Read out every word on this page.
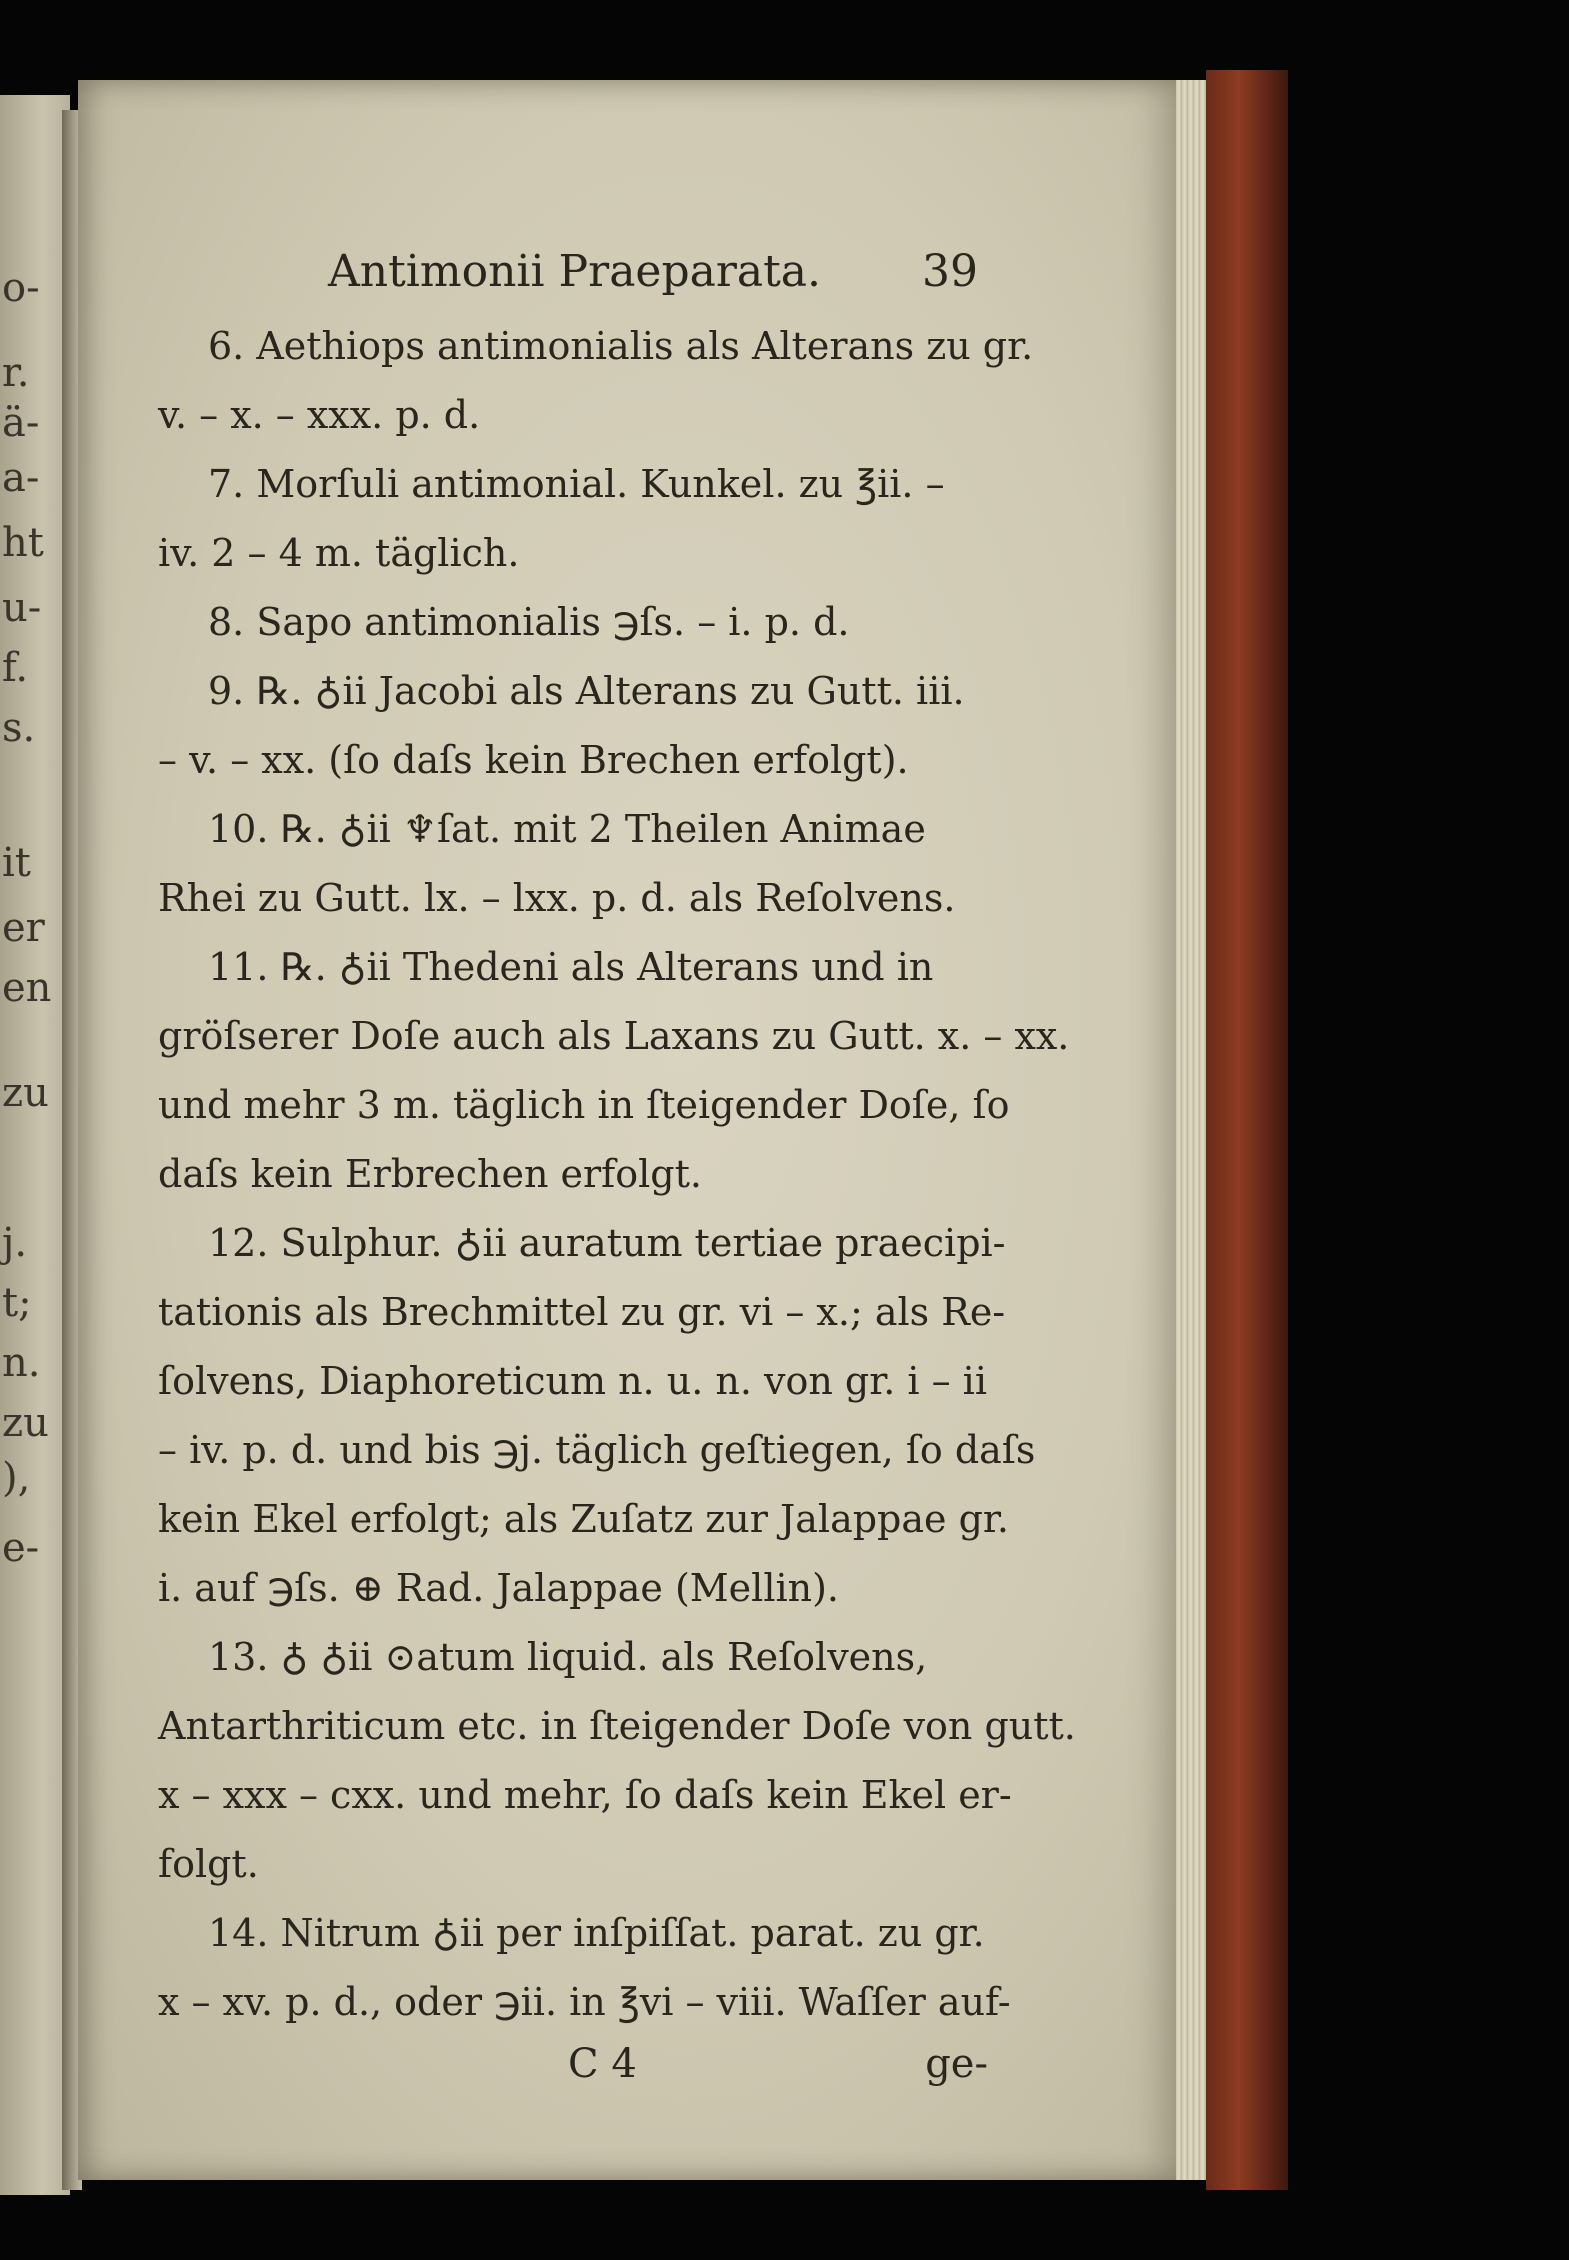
o-
r.
ä-
a-
ht
u-
f.
s.
it
er
en
zu
j.
t;
n.
zu
),
e-
Antimonii Praeparata. 39
6. Aethiops antimonialis als Alterans zu gr.
v. – x. – xxx. p. d.
7. Morſuli antimonial. Kunkel. zu ℥ii. –
iv. 2 – 4 m. täglich.
8. Sapo antimonialis ℈ſs. – i. p. d.
9. ℞. ♁ii Jacobi als Alterans zu Gutt. iii.
– v. – xx. (ſo daſs kein Brechen erfolgt).
10. ℞. ♁ii ♆ſat. mit 2 Theilen Animae
Rhei zu Gutt. lx. – lxx. p. d. als Reſolvens.
11. ℞. ♁ii Thedeni als Alterans und in
gröſserer Doſe auch als Laxans zu Gutt. x. – xx.
und mehr 3 m. täglich in ſteigender Doſe, ſo
daſs kein Erbrechen erfolgt.
12. Sulphur. ♁ii auratum tertiae praecipi-
tationis als Brechmittel zu gr. vi – x.; als Re-
ſolvens, Diaphoreticum n. u. n. von gr. i – ii
– iv. p. d. und bis ℈j. täglich geſtiegen, ſo daſs
kein Ekel erfolgt; als Zuſatz zur Jalappae gr.
i. auf ℈ſs. ⊕ Rad. Jalappae (Mellin).
13. ♁ ♁ii ⊙atum liquid. als Reſolvens,
Antarthriticum etc. in ſteigender Doſe von gutt.
x – xxx – cxx. und mehr, ſo daſs kein Ekel er-
folgt.
14. Nitrum ♁ii per inſpiſſat. parat. zu gr.
x – xv. p. d., oder ℈ii. in ℥vi – viii. Waſſer auf-
C 4	ge-
